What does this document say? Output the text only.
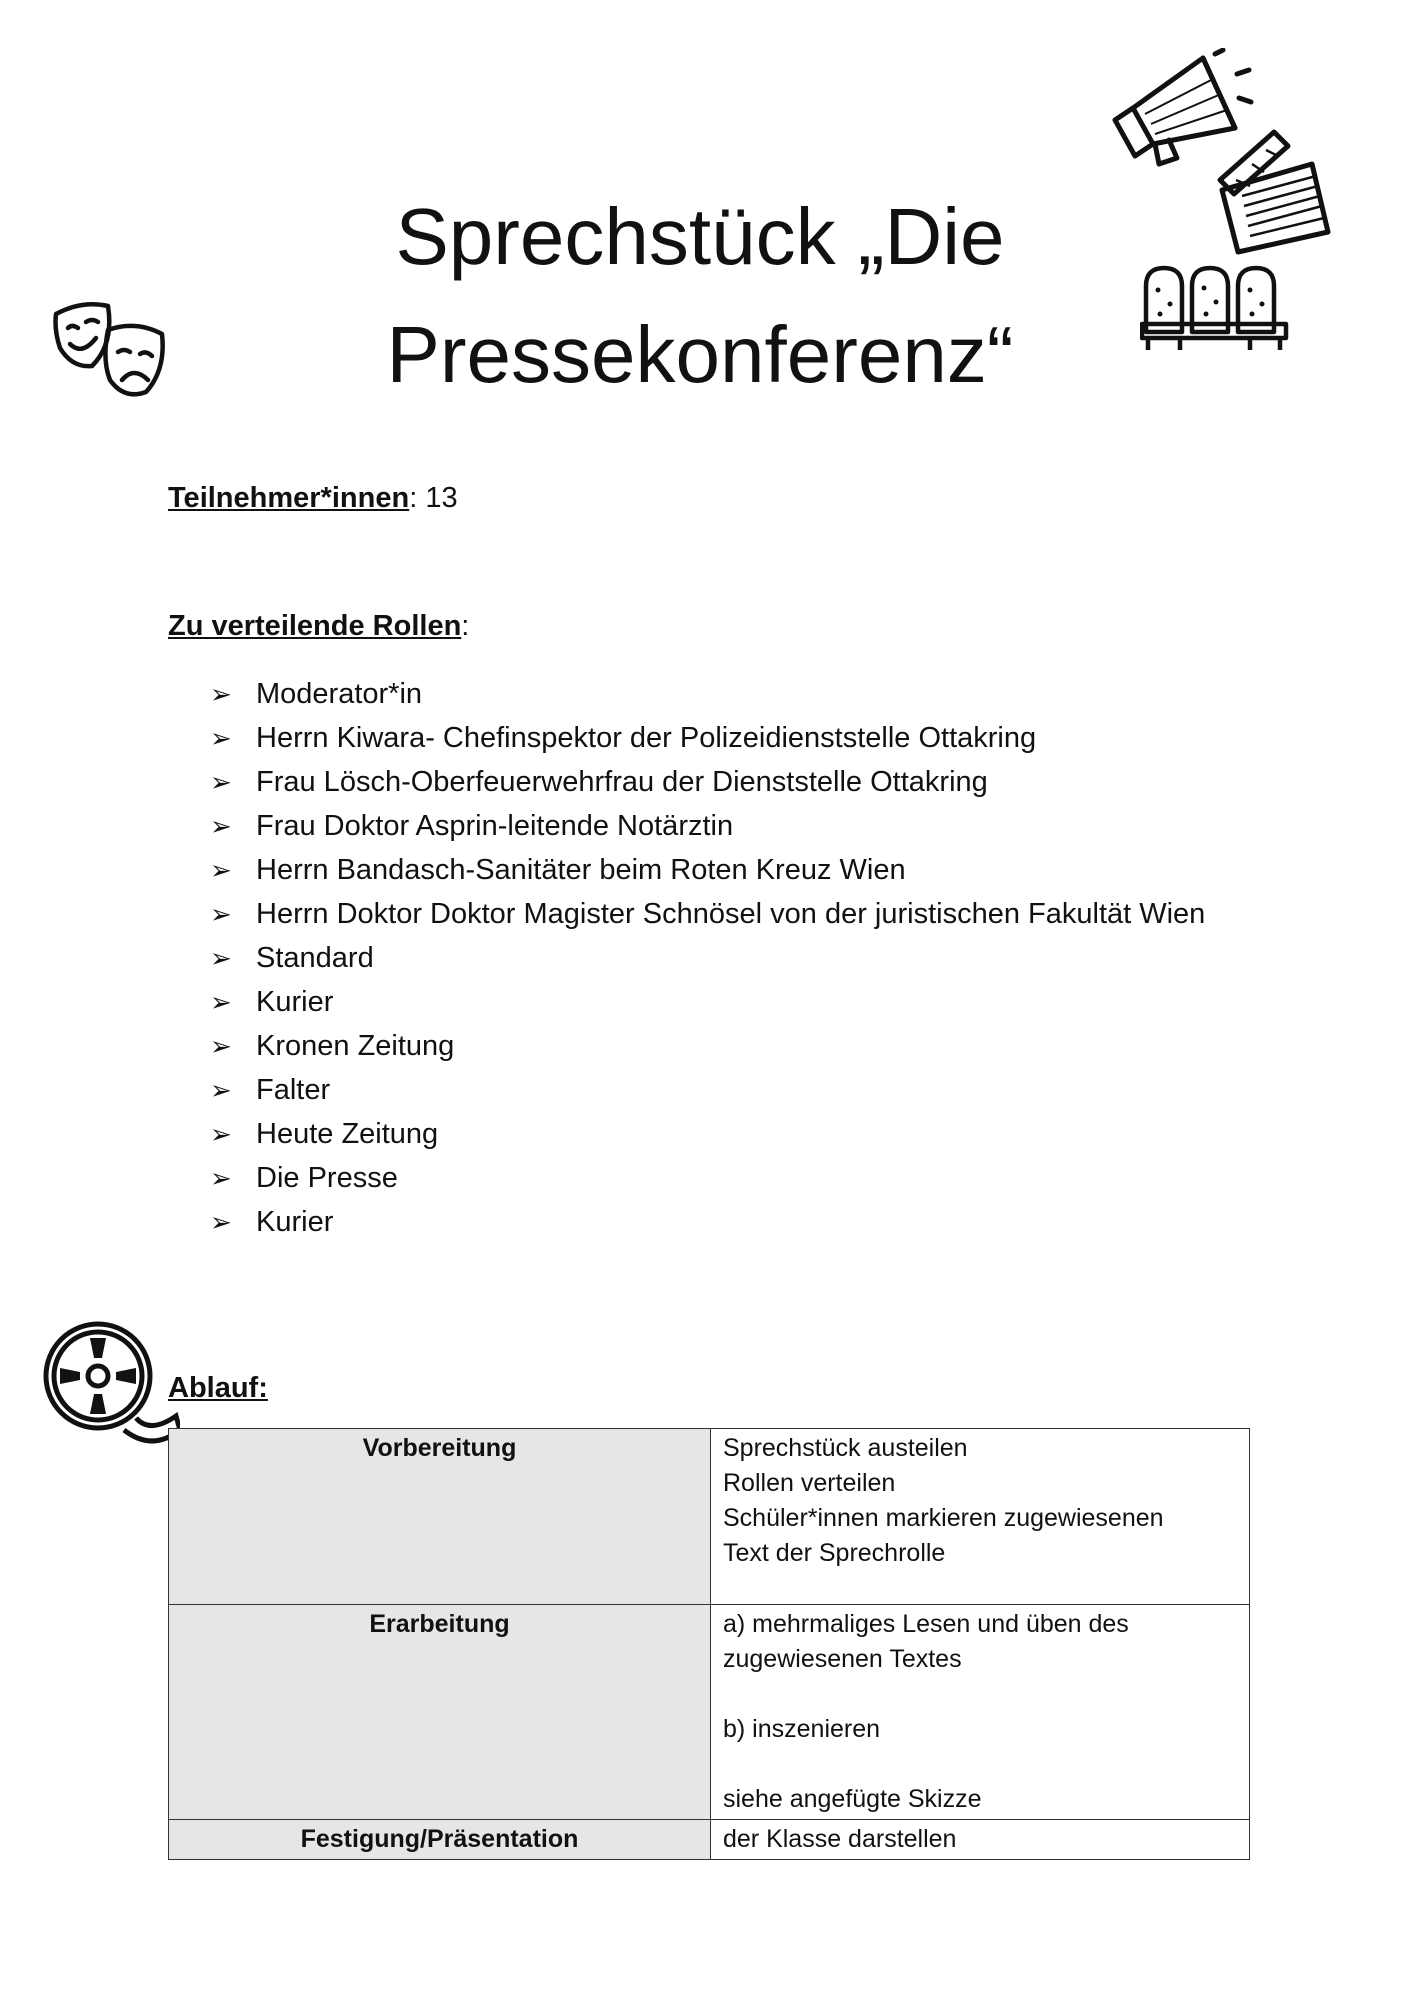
Sprechstück „Die
Pressekonferenz“
Teilnehmer*innen: 13
Zu verteilende Rollen:
➢ Moderator*in
➢ Herrn Kiwara- Chefinspektor der Polizeidienststelle Ottakring
➢ Frau Lösch-Oberfeuerwehrfrau der Dienststelle Ottakring
➢ Frau Doktor Asprin-leitende Notärztin
➢ Herrn Bandasch-Sanitäter beim Roten Kreuz Wien
➢ Herrn Doktor Doktor Magister Schnösel von der juristischen Fakultät Wien
➢ Standard
➢ Kurier
➢ Kronen Zeitung
➢ Falter
➢ Heute Zeitung
➢ Die Presse
➢ Kurier
Ablauf:
Vorbereitung	Sprechstück austeilen
Rollen verteilen
Schüler*innen markieren zugewiesenen
Text der Sprechrolle

Erarbeitung	a) mehrmaliges Lesen und üben des
zugewiesenen Textes
b) inszenieren
siehe angefügte Skizze

Festigung/Präsentation	der Klasse darstellen
